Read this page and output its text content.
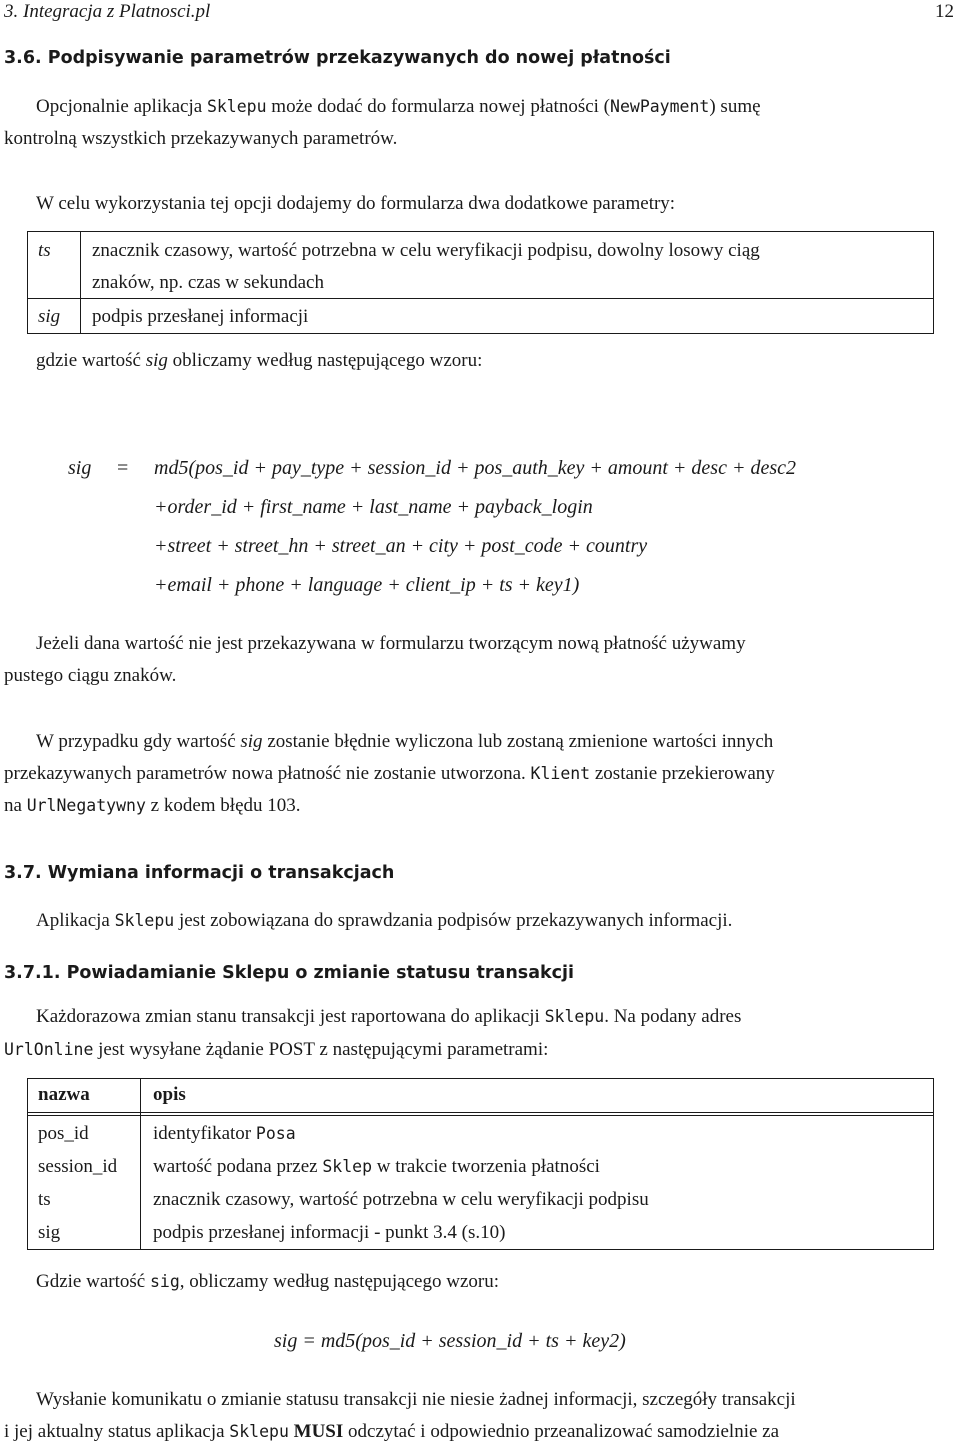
3. Integracja z Platnosci.pl	12
3.6. Podpisywanie parametrów przekazywanych do nowej płatności
Opcjonalnie aplikacja Sklepu może dodać do formularza nowej płatności (NewPayment) sumę
kontrolną wszystkich przekazywanych parametrów.
W celu wykorzystania tej opcji dodajemy do formularza dwa dodatkowe parametry:
ts znacznik czasowy, wartość potrzebna w celu weryfikacji podpisu, dowolny losowy ciąg
znaków, np. czas w sekundach
sig podpis przesłanej informacji
gdzie wartość sig obliczamy według następującego wzoru:
sig = md5(pos_id + pay_type + session_id + pos_auth_key + amount + desc + desc2
+order_id + first_name + last_name + payback_login
+street + street_hn + street_an + city + post_code + country
+email + phone + language + client_ip + ts + key1)
Jeżeli dana wartość nie jest przekazywana w formularzu tworzącym nową płatność używamy
pustego ciągu znaków.
W przypadku gdy wartość sig zostanie błędnie wyliczona lub zostaną zmienione wartości innych
przekazywanych parametrów nowa płatność nie zostanie utworzona. Klient zostanie przekierowany
na UrlNegatywny z kodem błędu 103.
3.7. Wymiana informacji o transakcjach
Aplikacja Sklepu jest zobowiązana do sprawdzania podpisów przekazywanych informacji.
3.7.1. Powiadamianie Sklepu o zmianie statusu transakcji
Każdorazowa zmian stanu transakcji jest raportowana do aplikacji Sklepu. Na podany adres
UrlOnline jest wysyłane żądanie POST z następującymi parametrami:
nazwa	opis
pos_id	identyfikator Posa
session_id wartość podana przez Sklep w trakcie tworzenia płatności
ts	znacznik czasowy, wartość potrzebna w celu weryfikacji podpisu
sig	podpis przesłanej informacji - punkt 3.4 (s.10)
Gdzie wartość sig, obliczamy według następującego wzoru:
sig = md5(pos_id + session_id + ts + key2)
Wysłanie komunikatu o zmianie statusu transakcji nie niesie żadnej informacji, szczegóły transakcji
i jej aktualny status aplikacja Sklepu MUSI odczytać i odpowiednio przeanalizować samodzielnie za
